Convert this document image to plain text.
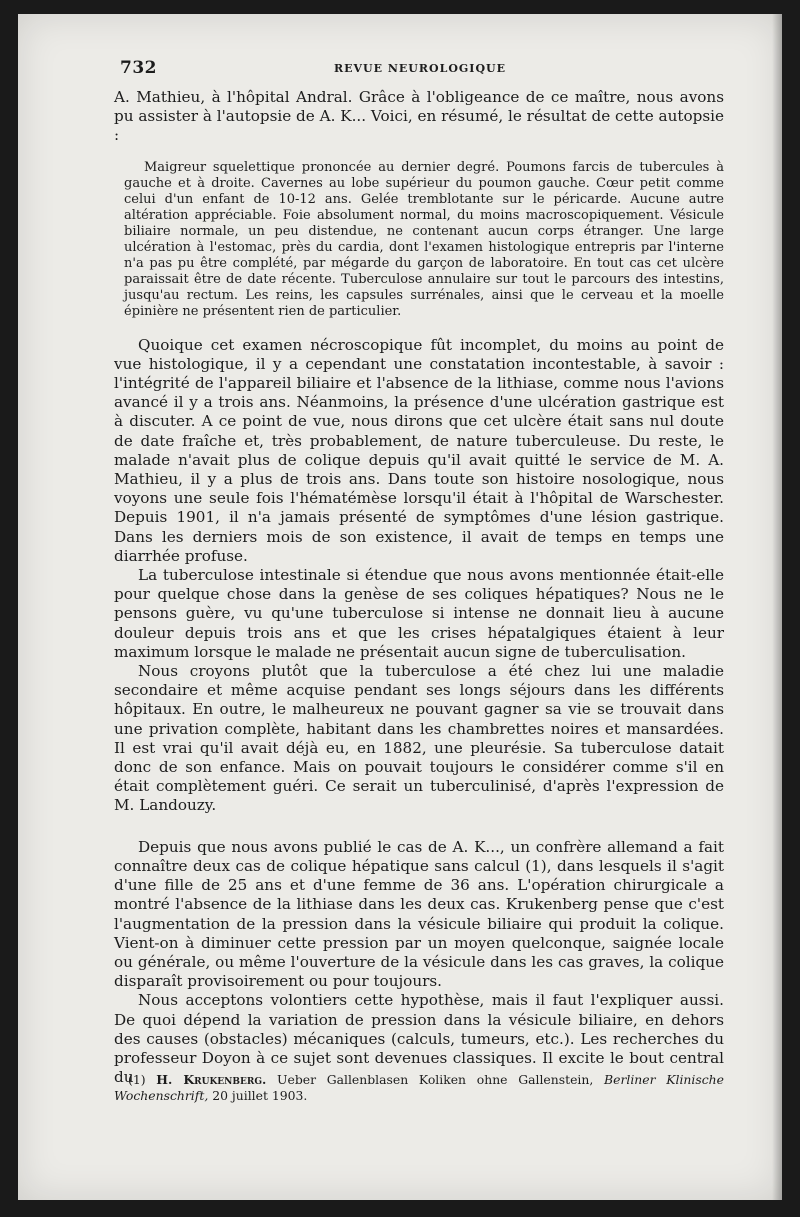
732	REVUE NEUROLOGIQUE

A. Mathieu, à l'hôpital Andral. Grâce à l'obligeance de ce maître, nous avons pu assister à l'autopsie de A. K... Voici, en résumé, le résultat de cette autopsie :

Maigreur squelettique prononcée au dernier degré. Poumons farcis de tubercules à gauche et à droite. Cavernes au lobe supérieur du poumon gauche. Cœur petit comme celui d'un enfant de 10-12 ans. Gelée tremblotante sur le péricarde. Aucune autre altération appréciable. Foie absolument normal, du moins macroscopiquement. Vésicule biliaire normale, un peu distendue, ne contenant aucun corps étranger. Une large ulcération à l'estomac, près du cardia, dont l'examen histologique entrepris par l'interne n'a pas pu être complété, par mégarde du garçon de laboratoire. En tout cas cet ulcère paraissait être de date récente. Tuberculose annulaire sur tout le parcours des intestins, jusqu'au rectum. Les reins, les capsules surrénales, ainsi que le cerveau et la moelle épinière ne présentent rien de particulier.

Quoique cet examen nécroscopique fût incomplet, du moins au point de vue histologique, il y a cependant une constatation incontestable, à savoir : l'intégrité de l'appareil biliaire et l'absence de la lithiase, comme nous l'avions avancé il y a trois ans. Néanmoins, la présence d'une ulcération gastrique est à discuter. A ce point de vue, nous dirons que cet ulcère était sans nul doute de date fraîche et, très probablement, de nature tuberculeuse. Du reste, le malade n'avait plus de colique depuis qu'il avait quitté le service de M. A. Mathieu, il y a plus de trois ans. Dans toute son histoire nosologique, nous voyons une seule fois l'hématémèse lorsqu'il était à l'hôpital de Warschester. Depuis 1901, il n'a jamais présenté de symptômes d'une lésion gastrique. Dans les derniers mois de son existence, il avait de temps en temps une diarrhée profuse.

La tuberculose intestinale si étendue que nous avons mentionnée était-elle pour quelque chose dans la genèse de ses coliques hépatiques? Nous ne le pensons guère, vu qu'une tuberculose si intense ne donnait lieu à aucune douleur depuis trois ans et que les crises hépatalgiques étaient à leur maximum lorsque le malade ne présentait aucun signe de tuberculisation.

Nous croyons plutôt que la tuberculose a été chez lui une maladie secondaire et même acquise pendant ses longs séjours dans les différents hôpitaux. En outre, le malheureux ne pouvant gagner sa vie se trouvait dans une privation complète, habitant dans les chambrettes noires et mansardées. Il est vrai qu'il avait déjà eu, en 1882, une pleurésie. Sa tuberculose datait donc de son enfance. Mais on pouvait toujours le considérer comme s'il en était complètement guéri. Ce serait un tuberculinisé, d'après l'expression de M. Landouzy.

Depuis que nous avons publié le cas de A. K..., un confrère allemand a fait connaître deux cas de colique hépatique sans calcul (1), dans lesquels il s'agit d'une fille de 25 ans et d'une femme de 36 ans. L'opération chirurgicale a montré l'absence de la lithiase dans les deux cas. Krukenberg pense que c'est l'augmentation de la pression dans la vésicule biliaire qui produit la colique. Vient-on à diminuer cette pression par un moyen quelconque, saignée locale ou générale, ou même l'ouverture de la vésicule dans les cas graves, la colique disparaît provisoirement ou pour toujours.

Nous acceptons volontiers cette hypothèse, mais il faut l'expliquer aussi. De quoi dépend la variation de pression dans la vésicule biliaire, en dehors des causes (obstacles) mécaniques (calculs, tumeurs, etc.). Les recherches du professeur Doyon à ce sujet sont devenues classiques. Il excite le bout central du

(1) H. Krukenberg. Ueber Gallenblasen Koliken ohne Gallenstein, Berliner Klinische Wochenschrift, 20 juillet 1903.
